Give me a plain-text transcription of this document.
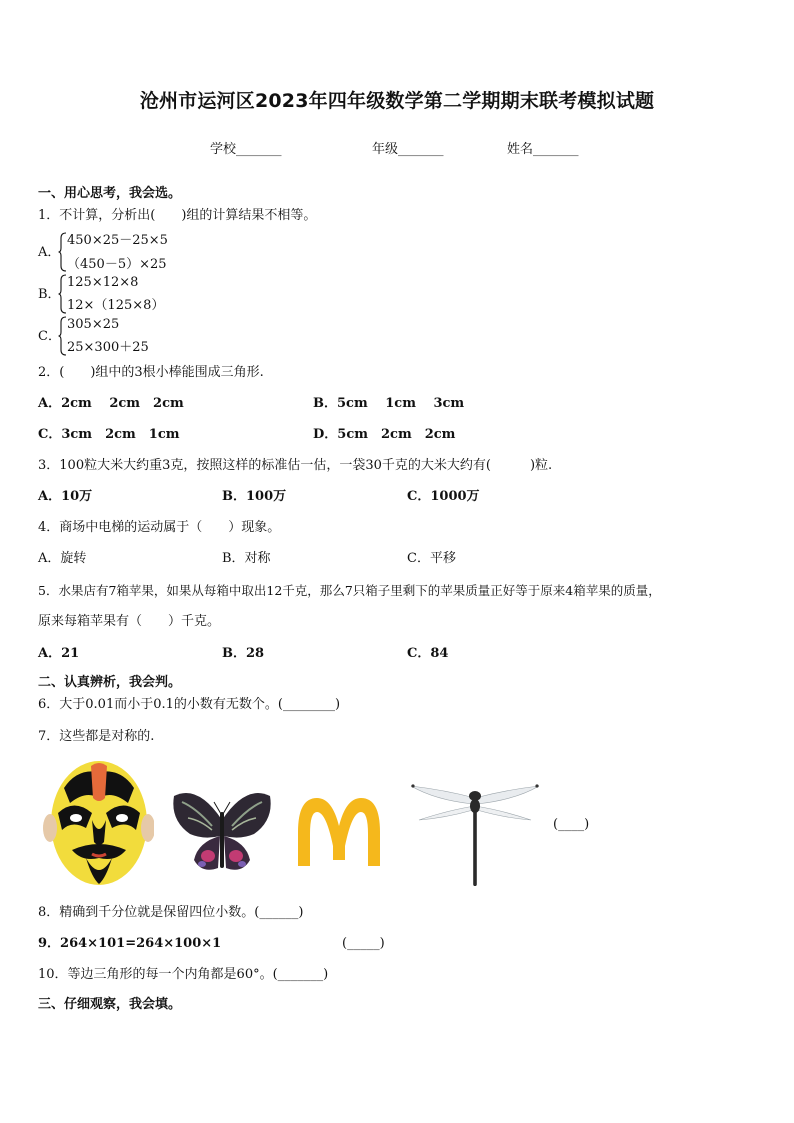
沧州市运河区2023年四年级数学第二学期期末联考模拟试题
学校_______	年级_______	姓名_______
一、用心思考，我会选。
1．不计算，分析出(　　)组的计算结果不相等。
A．
450×25－25×5
（450－5）×25
B．
125×12×8
12×（125×8）
C．
305×25
25×300＋25
2．(　　)组中的3根小棒能围成三角形.
A．2cm　 2cm　2cm	B．5cm　 1cm　 3cm
C．3cm　2cm　1cm	D．5cm　2cm　2cm
3．100粒大米大约重3克，按照这样的标准估一估，一袋30千克的大米大约有(　　　)粒.
A．10万	B．100万	C．1000万
4．商场中电梯的运动属于（　　）现象。
A．旋转	B．对称	C．平移
5．水果店有7箱苹果，如果从每箱中取出12千克，那么7只箱子里剩下的苹果质量正好等于原来4箱苹果的质量，
原来每箱苹果有（　　）千克。
A．21	B．28	C．84
二、认真辨析，我会判。
6．大于0.01而小于0.1的小数有无数个。(________)
7．这些都是对称的.
(____)
8．精确到千分位就是保留四位小数。(______)
9．264×101=264×100×1	(_____)
10．等边三角形的每一个内角都是60°。(_______)
三、仔细观察，我会填。
